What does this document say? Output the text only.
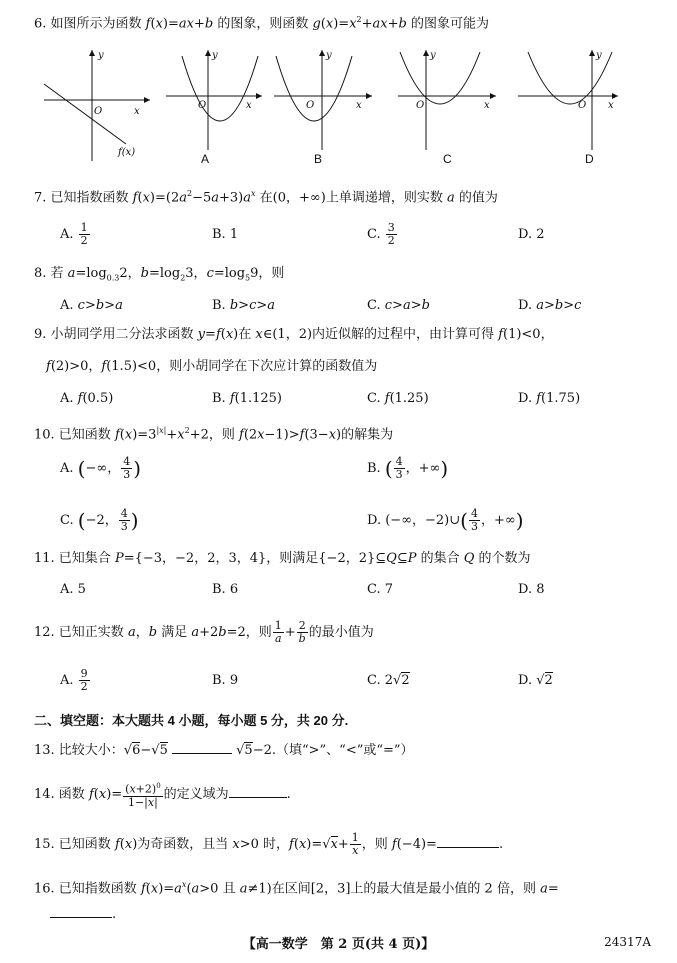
6. 如图所示为函数 f(x)=ax+b 的图象，则函数 $g(x)=x^2+ax+b$ 的图象可能为
y
x
O
f(x)
y
x
O
y
x
O
y
x
O
y
x
O
A	B	C	D
7. 已知指数函数 $f(x)=(2a^2-5a+3)a^x$ 在(0，+∞)上单调递增，则实数 a 的值为
A. $\frac{1}{2}$	B. 1	C. $\frac{3}{2}$	D. 2
8. 若 $a=\log_{0.3}2$，$b=\log_23$，$c=\log_59$，则
A. c>b>a	B. b>c>a	C. c>a>b	D. a>b>c
9. 小胡同学用二分法求函数 y=f(x)在 x∈(1，2)内近似解的过程中，由计算可得 f(1)<0，
f(2)>0，f(1.5)<0，则小胡同学在下次应计算的函数值为
A. f(0.5)	B. f(1.125)	C. f(1.25)	D. f(1.75)
10. 已知函数 $f(x)=3^{|x|}+x^2+2$，则 f(2x−1)>f(3−x)的解集为
A. (−∞， $\frac{4}{3}$ )	B. ( $\frac{4}{3}$ ，+∞)
C. (−2， $\frac{4}{3}$ )	D. (−∞，−2)∪( $\frac{4}{3}$ ，+∞)
11. 已知集合 P={−3，−2，2，3，4}，则满足{−2，2}⊆Q⊆P 的集合 Q 的个数为
A. 5	B. 6	C. 7	D. 8
12. 已知正实数 a，b 满足 a+2b=2，则 $\frac{1}{a} + \frac{2}{b}$ 的最小值为
A. $\frac{9}{2}$	B. 9	C. 2√2	D. √2
二、填空题：本大题共 4 小题，每小题 5 分，共 20 分.
13. 比较大小：√6−√5	√5−2.（填“>”、“<”或“=”）
14. 函数 $f(x)= \frac{(x+2)^0}{1-|x|}$ 的定义域为	.
15. 已知函数 f(x)为奇函数，且当 x>0 时，$f(x)=√x+ \frac{1}{x}$ ，则 f(−4)=	.
16. 已知指数函数 $f(x)=a^x(a>0$ 且 a≠1)在区间[2，3]上的最大值是最小值的 2 倍，则 a=
.
【高一数学　第 2 页(共 4 页)】	24317A
